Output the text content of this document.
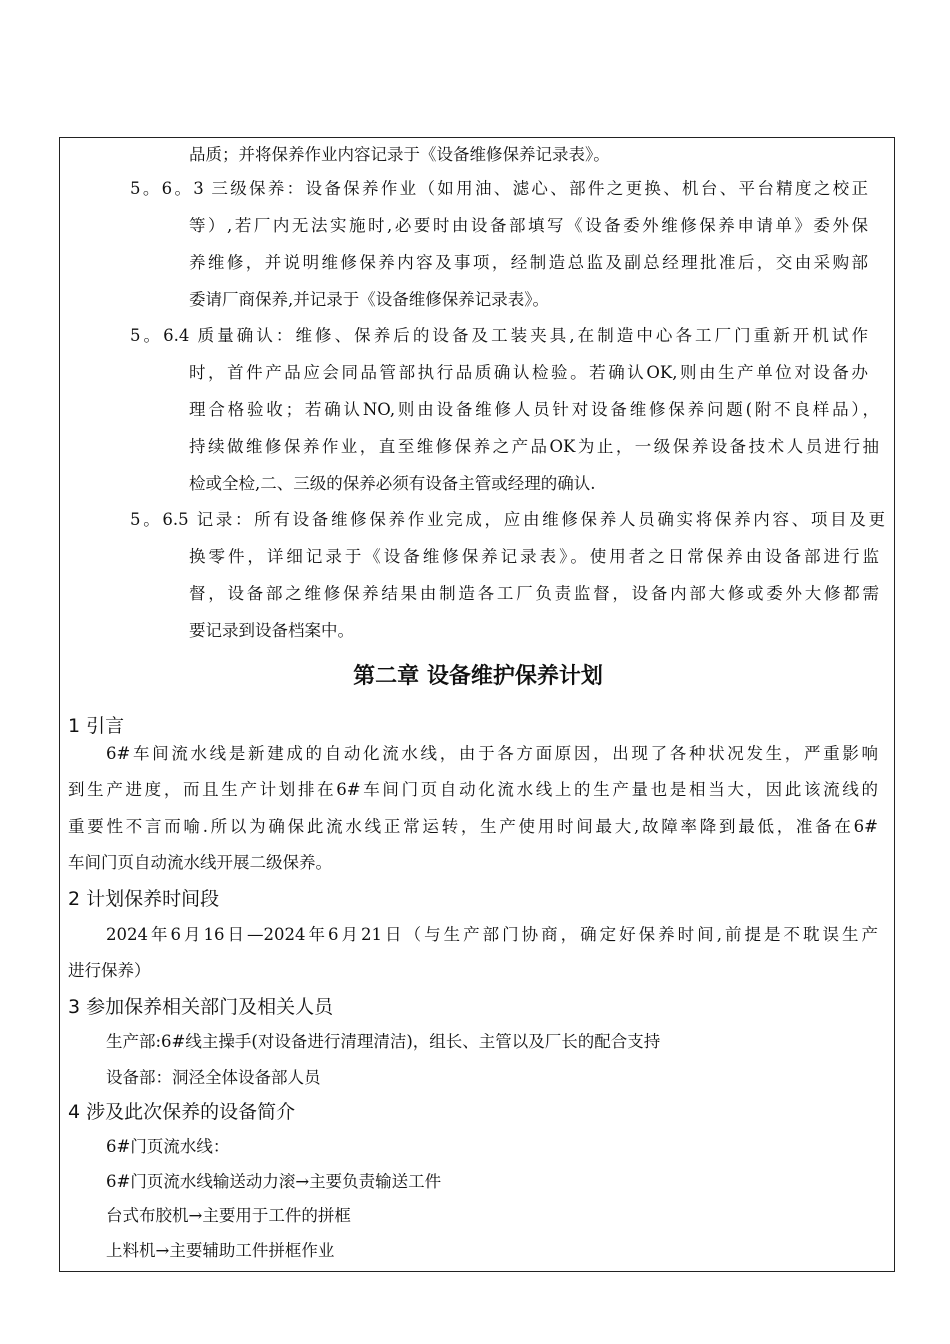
品质；并将保养作业内容记录于《设备维修保养记录表》。

5。6。3 三级保养：设备保养作业（如用油、滤心、部件之更换、机台、平台精度之校正

等）,若厂内无法实施时,必要时由设备部填写《设备委外维修保养申请单》委外保

养维修，并说明维修保养内容及事项，经制造总监及副总经理批准后，交由采购部

委请厂商保养,并记录于《设备维修保养记录表》。

5。6.4 质量确认：维修、保养后的设备及工装夹具,在制造中心各工厂门重新开机试作

时，首件产品应会同品管部执行品质确认检验。若确认OK,则由生产单位对设备办

理合格验收；若确认NO,则由设备维修人员针对设备维修保养问题(附不良样品），

持续做维修保养作业，直至维修保养之产品OK为止，一级保养设备技术人员进行抽

检或全检,二、三级的保养必须有设备主管或经理的确认.

5。6.5 记录：所有设备维修保养作业完成，应由维修保养人员确实将保养内容、项目及更

换零件，详细记录于《设备维修保养记录表》。使用者之日常保养由设备部进行监

督，设备部之维修保养结果由制造各工厂负责监督，设备内部大修或委外大修都需

要记录到设备档案中。

第二章 设备维护保养计划

1 引言

6#车间流水线是新建成的自动化流水线，由于各方面原因，出现了各种状况发生，严重影响

到生产进度，而且生产计划排在6#车间门页自动化流水线上的生产量也是相当大，因此该流线的

重要性不言而喻.所以为确保此流水线正常运转，生产使用时间最大,故障率降到最低，准备在6#

车间门页自动流水线开展二级保养。

2 计划保养时间段

2024年6月16日—2024年6月21日（与生产部门协商，确定好保养时间,前提是不耽误生产

进行保养）

3 参加保养相关部门及相关人员

生产部:6#线主操手(对设备进行清理清洁)，组长、主管以及厂长的配合支持

设备部：洞泾全体设备部人员

4 涉及此次保养的设备简介

6#门页流水线：

6#门页流水线输送动力滚→主要负责输送工件

台式布胶机→主要用于工件的拼框

上料机→主要辅助工件拼框作业
